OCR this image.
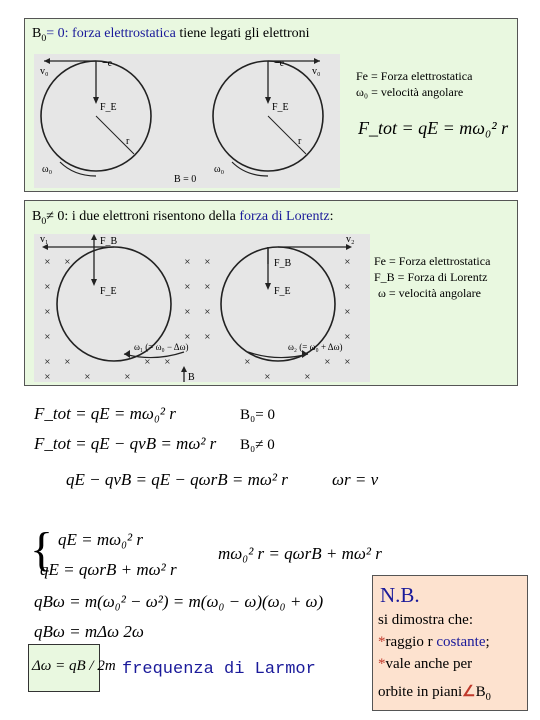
$B_0= 0$: forza elettrostatica tiene legati gli elettroni
v₀
−e
F_E
r
ω₀
v₀
−e
F_E
r
ω₀
B = 0
Fe = Forza elettrostatica
ω₀ = velocità angolare
F_tot = qE = mω₀² r
$B_0\ne 0$: i due elettroni risentono della forza di Lorentz:
× ×	× ×	×
×	× ×	×
×	× ×	×
×	× ×	×
× ×	× ×	×	× ×
×	×	×	×	×
v₁	v₂
F_B
F_E
F_B
F_E
ω₁ (= ω₀ − Δω)	ω₂ (= ω₀ + Δω)
B
Fe = Forza elettrostatica
F_B = Forza di Lorentz
ω = velocità angolare
F_tot = qE = mω₀² r	B₀= 0
F_tot = qE − qvB = mω² r B₀≠ 0
qE − qvB = qE − qωrB = mω² r	ωr = v
{ qE = mω₀² r
qE = qωrB + mω² r
mω₀² r = qωrB + mω² r
qBω = m(ω₀² − ω²) = m(ω₀ − ω)(ω₀ + ω)
qBω = mΔω 2ω
Δω = qB / 2m frequenza di Larmor
N.B.
si dimostra che:
*raggio r costante;
*vale anche per
orbite in $piani\angle B_0$
